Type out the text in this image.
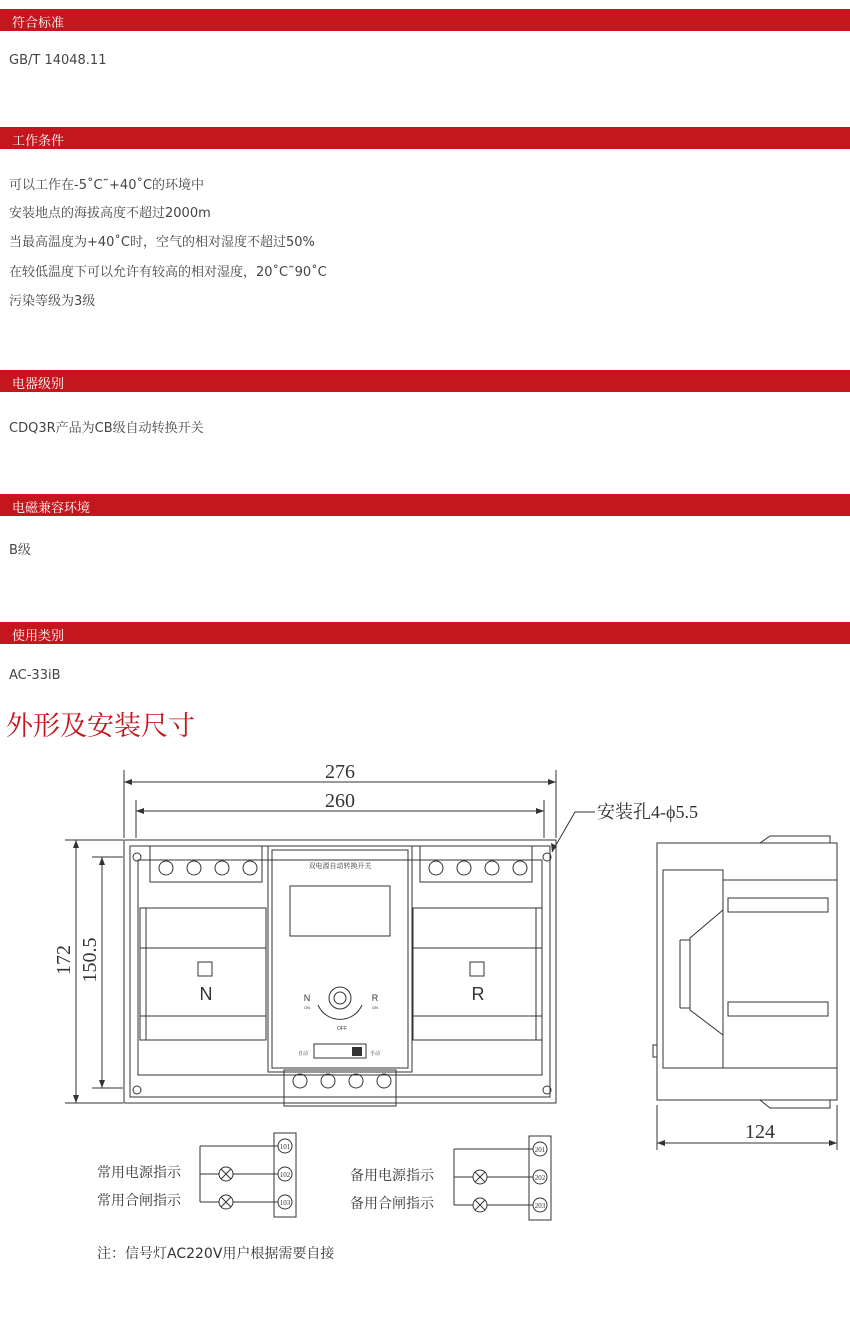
符合标准
GB/T 14048.11
工作条件
可以工作在-5˚C˜+40˚C的环境中
安装地点的海拔高度不超过2000m
当最高温度为+40˚C时，空气的相对湿度不超过50%
在较低温度下可以允许有较高的相对湿度，20˚C˜90˚C
污染等级为3级
电器级别
CDQ3R产品为CB级自动转换开关
电磁兼容环境
B级
使用类别
AC-33iB
外形及安装尺寸
276
260
172 150.5
安装孔4-ϕ5.5
双电源自动转换开关
N	R
N	R
ON	ON
OFF
自动	手动
124
101
102
103
201
202
203
常用电源指示
常用合闸指示
备用电源指示
备用合闸指示
注：信号灯AC220V用户根据需要自接
